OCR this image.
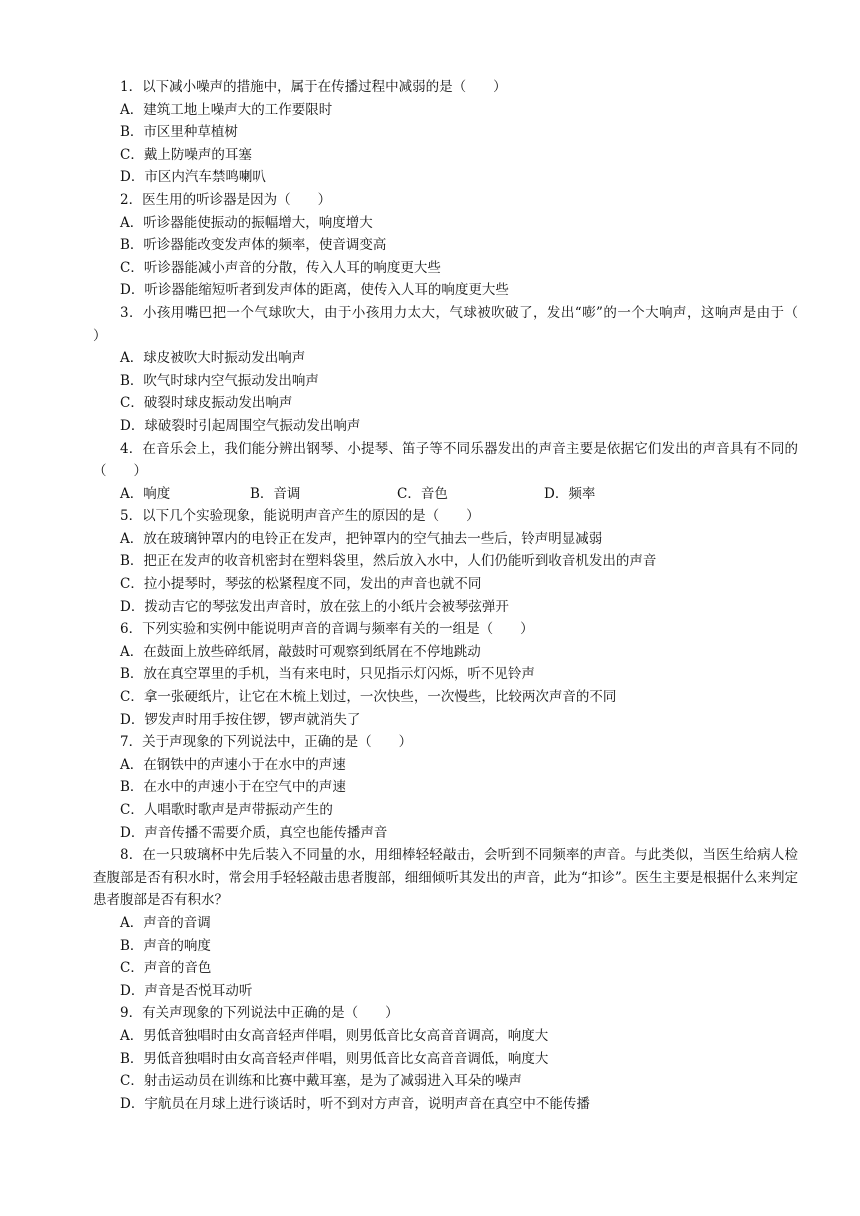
1．以下减小噪声的措施中，属于在传播过程中减弱的是（　　）
A．建筑工地上噪声大的工作要限时
B．市区里种草植树
C．戴上防噪声的耳塞
D．市区内汽车禁鸣喇叭
2．医生用的听诊器是因为（　　）
A．听诊器能使振动的振幅增大，响度增大
B．听诊器能改变发声体的频率，使音调变高
C．听诊器能减小声音的分散，传入人耳的响度更大些
D．听诊器能缩短听者到发声体的距离，使传入人耳的响度更大些
3．小孩用嘴巴把一个气球吹大，由于小孩用力太大，气球被吹破了，发出“嘭”的一个大响声，这响声是由于（　　）
A．球皮被吹大时振动发出响声
B．吹气时球内空气振动发出响声
C．破裂时球皮振动发出响声
D．球破裂时引起周围空气振动发出响声
4．在音乐会上，我们能分辨出钢琴、小提琴、笛子等不同乐器发出的声音主要是依据它们发出的声音具有不同的（　　）
A．响度	B．音调	C．音色	D．频率
5．以下几个实验现象，能说明声音产生的原因的是（　　）
A．放在玻璃钟罩内的电铃正在发声，把钟罩内的空气抽去一些后，铃声明显减弱
B．把正在发声的收音机密封在塑料袋里，然后放入水中，人们仍能听到收音机发出的声音
C．拉小提琴时，琴弦的松紧程度不同，发出的声音也就不同
D．拨动吉它的琴弦发出声音时，放在弦上的小纸片会被琴弦弹开
6．下列实验和实例中能说明声音的音调与频率有关的一组是（　　）
A．在鼓面上放些碎纸屑，敲鼓时可观察到纸屑在不停地跳动
B．放在真空罩里的手机，当有来电时，只见指示灯闪烁，听不见铃声
C．拿一张硬纸片，让它在木梳上划过，一次快些，一次慢些，比较两次声音的不同
D．锣发声时用手按住锣，锣声就消失了
7．关于声现象的下列说法中，正确的是（　　）
A．在钢铁中的声速小于在水中的声速
B．在水中的声速小于在空气中的声速
C．人唱歌时歌声是声带振动产生的
D．声音传播不需要介质，真空也能传播声音
8．在一只玻璃杯中先后装入不同量的水，用细棒轻轻敲击，会听到不同频率的声音。与此类似，当医生给病人检查腹部是否有积水时，常会用手轻轻敲击患者腹部，细细倾听其发出的声音，此为“扣诊”。医生主要是根据什么来判定患者腹部是否有积水？
A．声音的音调
B．声音的响度
C．声音的音色
D．声音是否悦耳动听
9．有关声现象的下列说法中正确的是（　　）
A．男低音独唱时由女高音轻声伴唱，则男低音比女高音音调高，响度大
B．男低音独唱时由女高音轻声伴唱，则男低音比女高音音调低，响度大
C．射击运动员在训练和比赛中戴耳塞，是为了减弱进入耳朵的噪声
D．宇航员在月球上进行谈话时，听不到对方声音，说明声音在真空中不能传播
